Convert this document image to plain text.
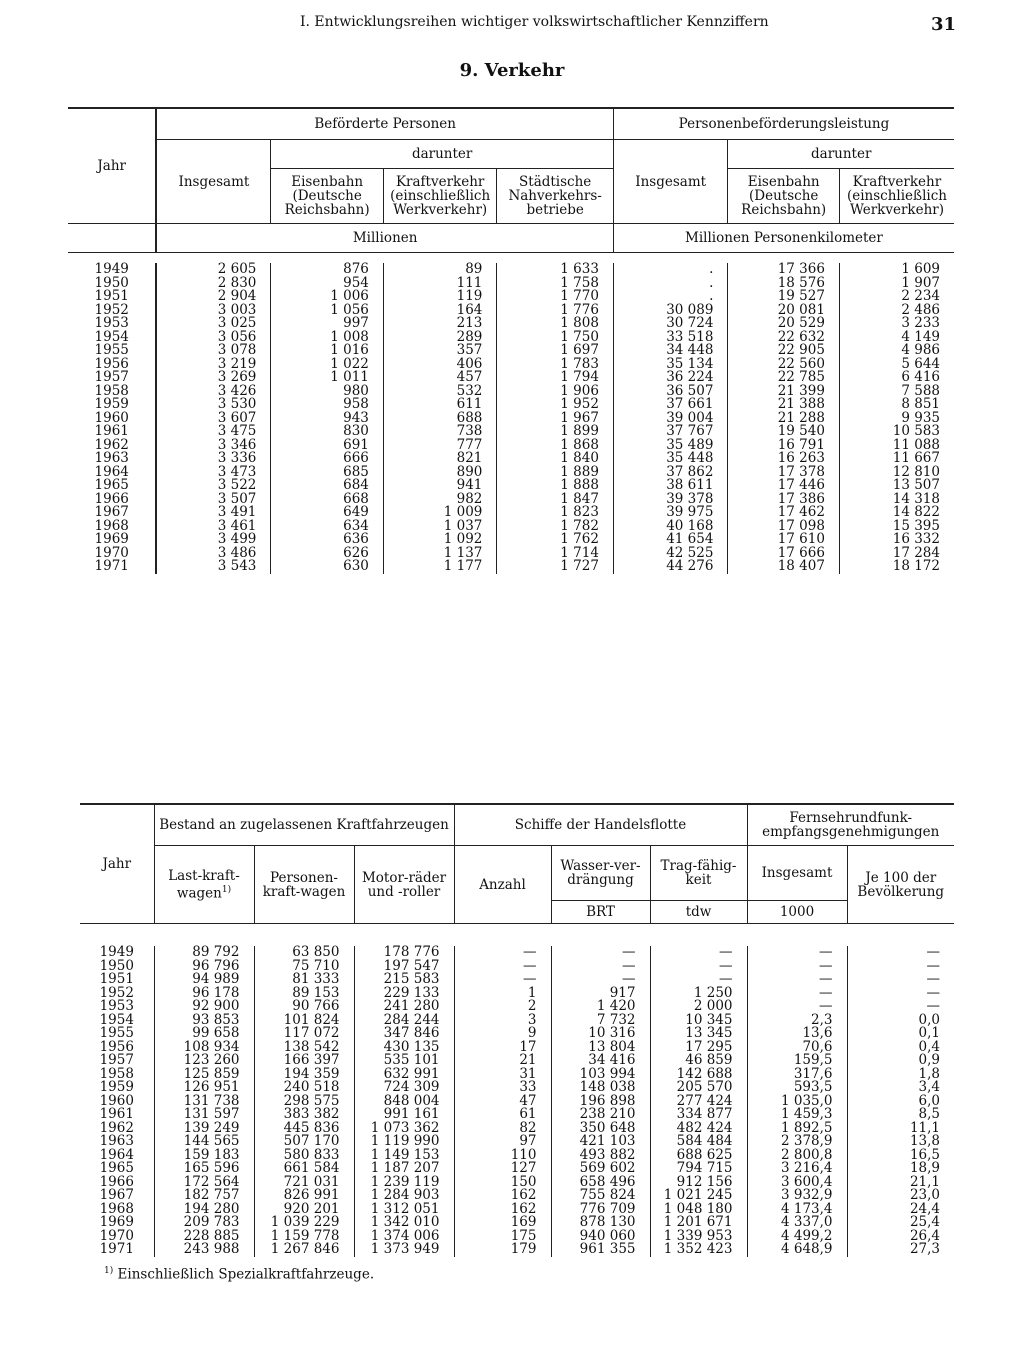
I. Entwicklungsreihen wichtiger volkswirtschaftlicher Kennziffern	31
9. Verkehr
Jahr	Beförderte Personen				Personenbeförderungsleistung		
	Insgesamt	darunter			Insgesamt	darunter	
		Eisenbahn (Deutsche Reichsbahn)	Kraftverkehr (einschließlich Werkverkehr)	Städtische Nahverkehrs-betriebe		Eisenbahn (Deutsche Reichsbahn)	Kraftverkehr (einschließlich Werkverkehr)
	Millionen				Millionen Personenkilometer		

1949	2 605	876	89	1 633	.	17 366	1 609
1950	2 830	954	111	1 758	.	18 576	1 907
1951	2 904	1 006	119	1 770	.	19 527	2 234
1952	3 003	1 056	164	1 776	30 089	20 081	2 486
1953	3 025	997	213	1 808	30 724	20 529	3 233
1954	3 056	1 008	289	1 750	33 518	22 632	4 149
1955	3 078	1 016	357	1 697	34 448	22 905	4 986
1956	3 219	1 022	406	1 783	35 134	22 560	5 644
1957	3 269	1 011	457	1 794	36 224	22 785	6 416
1958	3 426	980	532	1 906	36 507	21 399	7 588
1959	3 530	958	611	1 952	37 661	21 388	8 851
1960	3 607	943	688	1 967	39 004	21 288	9 935
1961	3 475	830	738	1 899	37 767	19 540	10 583
1962	3 346	691	777	1 868	35 489	16 791	11 088
1963	3 336	666	821	1 840	35 448	16 263	11 667
1964	3 473	685	890	1 889	37 862	17 378	12 810
1965	3 522	684	941	1 888	38 611	17 446	13 507
1966	3 507	668	982	1 847	39 378	17 386	14 318
1967	3 491	649	1 009	1 823	39 975	17 462	14 822
1968	3 461	634	1 037	1 782	40 168	17 098	15 395
1969	3 499	636	1 092	1 762	41 654	17 610	16 332
1970	3 486	626	1 137	1 714	42 525	17 666	17 284
1971	3 543	630	1 177	1 727	44 276	18 407	18 172
Jahr	Bestand an zugelassenen Kraftfahrzeugen			Schiffe der Handelsflotte			Fernsehrundfunk-empfangsgenehmigungen	
	Last-kraft-wagen$^{1)}$	Personen-kraft-wagen	Motor-räder und -roller	Anzahl	Wasser-ver-drängung	Trag-fähig-keit	Insgesamt	Je 100 der Bevölkerung
					BRT	tdw	1000	

1949	89 792	63 850	178 776	—	—	—	—	—
1950	96 796	75 710	197 547	—	—	—	—	—
1951	94 989	81 333	215 583	—	—	—	—	—
1952	96 178	89 153	229 133	1	917	1 250	—	—
1953	92 900	90 766	241 280	2	1 420	2 000	—	—
1954	93 853	101 824	284 244	3	7 732	10 345	2,3	0,0
1955	99 658	117 072	347 846	9	10 316	13 345	13,6	0,1
1956	108 934	138 542	430 135	17	13 804	17 295	70,6	0,4
1957	123 260	166 397	535 101	21	34 416	46 859	159,5	0,9
1958	125 859	194 359	632 991	31	103 994	142 688	317,6	1,8
1959	126 951	240 518	724 309	33	148 038	205 570	593,5	3,4
1960	131 738	298 575	848 004	47	196 898	277 424	1 035,0	6,0
1961	131 597	383 382	991 161	61	238 210	334 877	1 459,3	8,5
1962	139 249	445 836	1 073 362	82	350 648	482 424	1 892,5	11,1
1963	144 565	507 170	1 119 990	97	421 103	584 484	2 378,9	13,8
1964	159 183	580 833	1 149 153	110	493 882	688 625	2 800,8	16,5
1965	165 596	661 584	1 187 207	127	569 602	794 715	3 216,4	18,9
1966	172 564	721 031	1 239 119	150	658 496	912 156	3 600,4	21,1
1967	182 757	826 991	1 284 903	162	755 824	1 021 245	3 932,9	23,0
1968	194 280	920 201	1 312 051	162	776 709	1 048 180	4 173,4	24,4
1969	209 783	1 039 229	1 342 010	169	878 130	1 201 671	4 337,0	25,4
1970	228 885	1 159 778	1 374 006	175	940 060	1 339 953	4 499,2	26,4
1971	243 988	1 267 846	1 373 949	179	961 355	1 352 423	4 648,9	27,3
$^{1)}$ Einschließlich Spezialkraftfahrzeuge.
